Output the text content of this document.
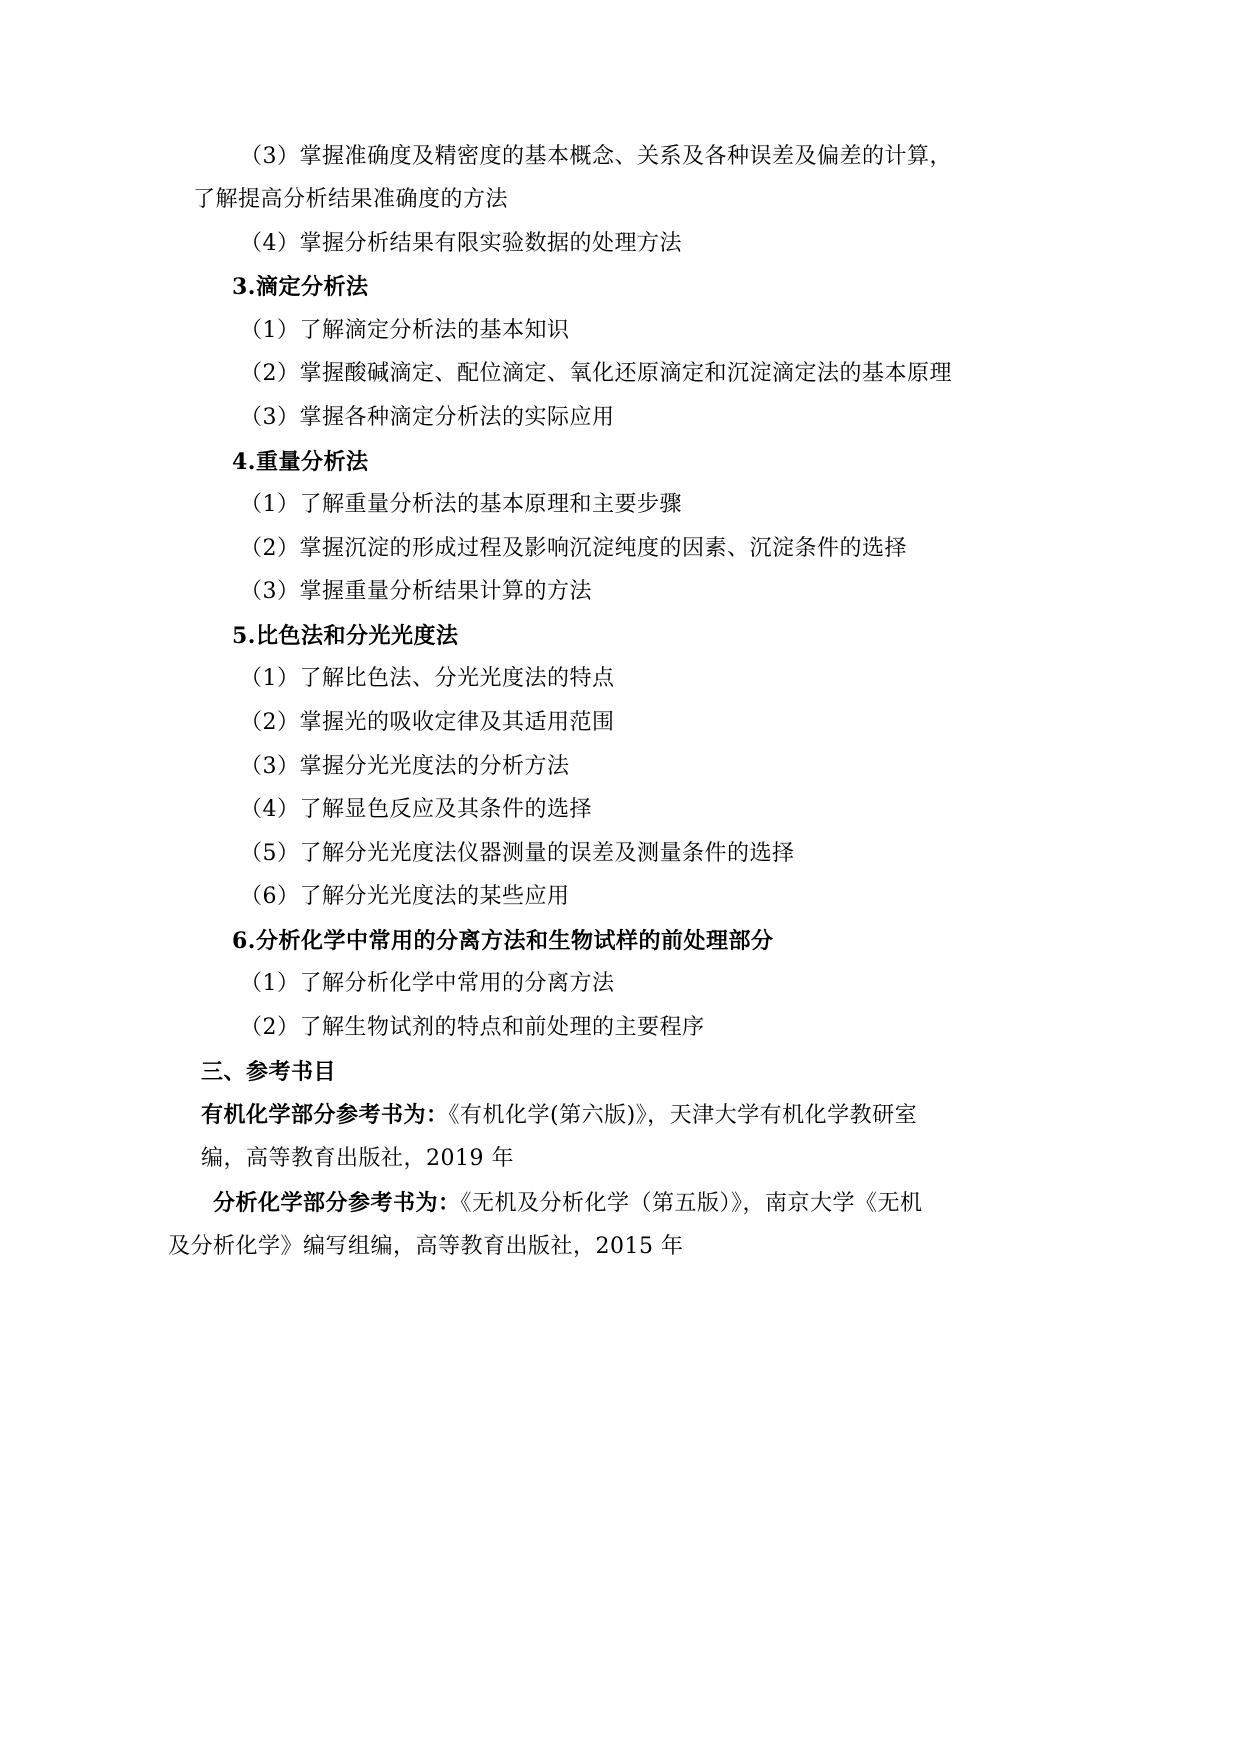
（3）掌握准确度及精密度的基本概念、关系及各种误差及偏差的计算，
了解提高分析结果准确度的方法
（4）掌握分析结果有限实验数据的处理方法
3.滴定分析法
（1）了解滴定分析法的基本知识
（2）掌握酸碱滴定、配位滴定、氧化还原滴定和沉淀滴定法的基本原理
（3）掌握各种滴定分析法的实际应用
4.重量分析法
（1）了解重量分析法的基本原理和主要步骤
（2）掌握沉淀的形成过程及影响沉淀纯度的因素、沉淀条件的选择
（3）掌握重量分析结果计算的方法
5.比色法和分光光度法
（1）了解比色法、分光光度法的特点
（2）掌握光的吸收定律及其适用范围
（3）掌握分光光度法的分析方法
（4）了解显色反应及其条件的选择
（5）了解分光光度法仪器测量的误差及测量条件的选择
（6）了解分光光度法的某些应用
6.分析化学中常用的分离方法和生物试样的前处理部分
（1）了解分析化学中常用的分离方法
（2）了解生物试剂的特点和前处理的主要程序
三、参考书目
有机化学部分参考书为：《有机化学(第六版)》，天津大学有机化学教研室
编，高等教育出版社，2019 年
分析化学部分参考书为：《无机及分析化学（第五版）》，南京大学《无机
及分析化学》编写组编，高等教育出版社，2015 年
